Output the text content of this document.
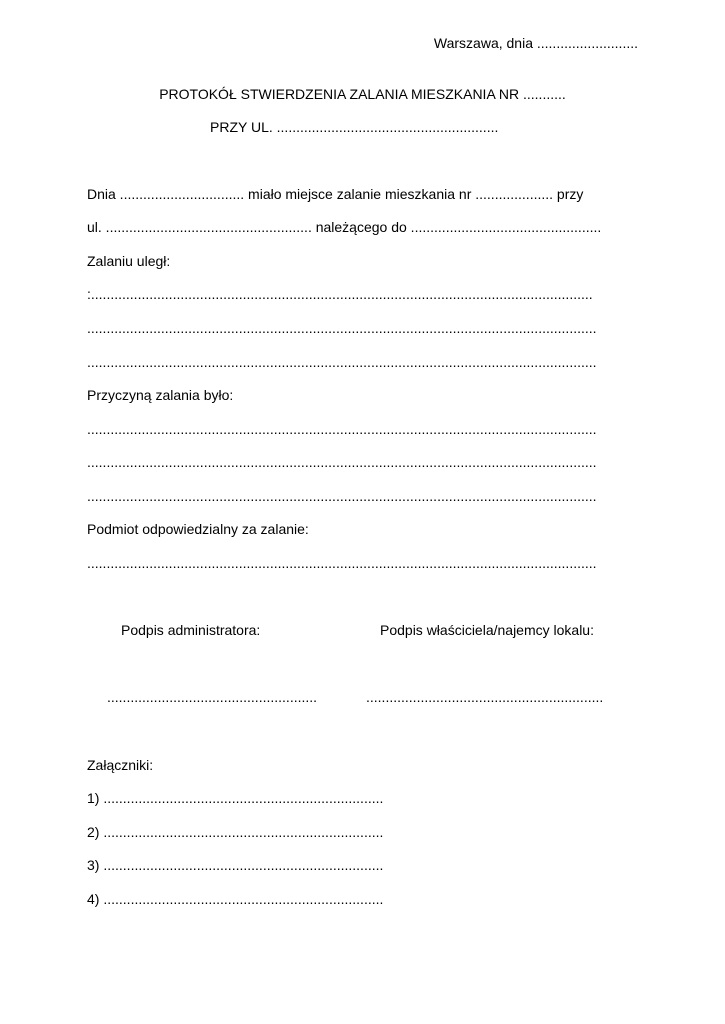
Warszawa, dnia ..........................

PROTOKÓŁ STWIERDZENIA ZALANIA MIESZKANIA NR ...........

PRZY UL. .........................................................

Dnia ................................ miało miejsce zalanie mieszkania nr .................... przy

ul. ..................................................... należącego do .................................................

Zalaniu uległ:

:.................................................................................................................................

...................................................................................................................................

...................................................................................................................................

Przyczyną zalania było:

...................................................................................................................................

...................................................................................................................................

...................................................................................................................................

Podmiot odpowiedzialny za zalanie:

...................................................................................................................................

Podpis administratora:	Podpis właściciela/najemcy lokalu:

......................................................	.............................................................

Załączniki:

1) ........................................................................

2) ........................................................................

3) ........................................................................

4) ........................................................................
